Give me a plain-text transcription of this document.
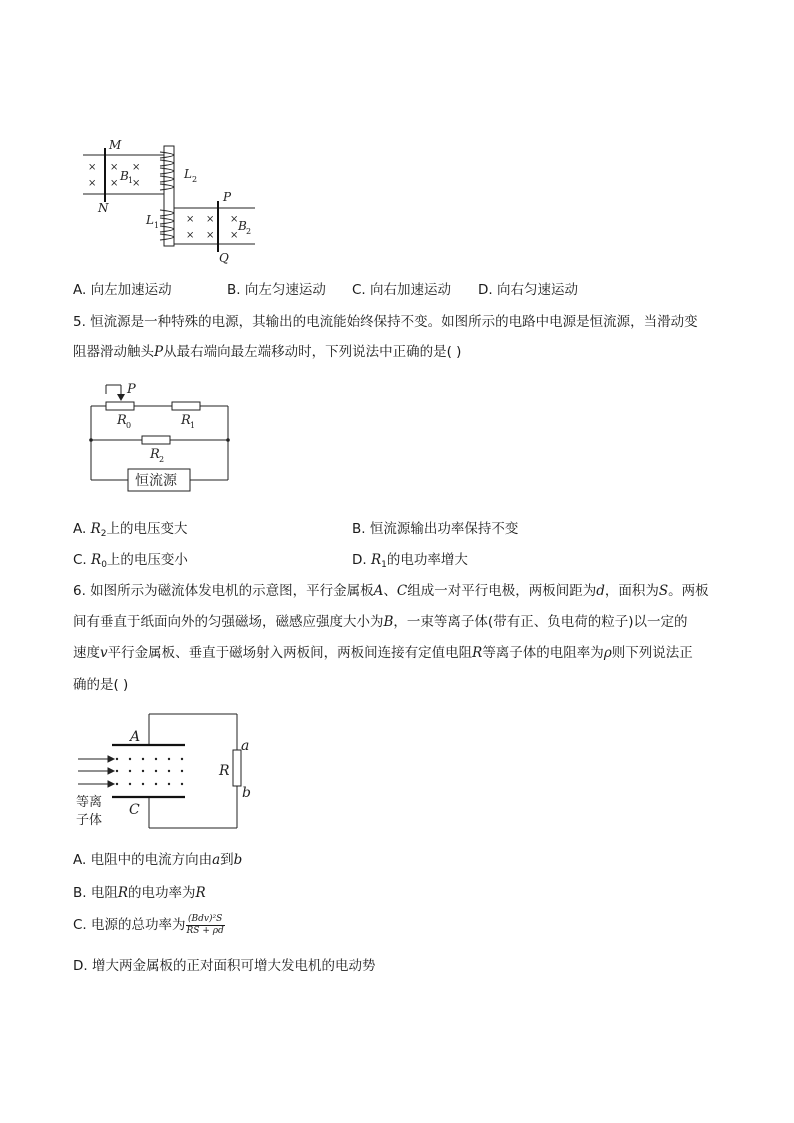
×
×
×
×
×
×
×
×
×
×
×
×
M
N
B 1	L 2
L 1
P
Q
B 2
A. 向左加速运动	B. 向左匀速运动 C. 向右加速运动 D. 向右匀速运动
5. 恒流源是一种特殊的电源，其输出的电流能始终保持不变。如图所示的电路中电源是恒流源，当滑动变
阻器滑动触头P从最右端向最左端移动时，下列说法中正确的是( )
P
R 0	R 1
R 2
恒流源
A. $R_2$上的电压变大	B. 恒流源输出功率保持不变
C. $R_0$上的电压变小	D. $R_1$的电功率增大
6. 如图所示为磁流体发电机的示意图，平行金属板A、C组成一对平行电极，两板间距为d，面积为S。两板
间有垂直于纸面向外的匀强磁场，磁感应强度大小为B，一束等离子体(带有正、负电荷的粒子)以一定的
速度v平行金属板、垂直于磁场射入两板间，两板间连接有定值电阻R等离子体的电阻率为ρ则下列说法正
确的是( )
A
C
R
a
b
等离
子体
A. 电阻中的电流方向由a到b
B. 电阻R的电功率为R
C. 电源的总功率为 $\frac{\text{(Bdv)²S}}{RS + \rho d}$
D. 增大两金属板的正对面积可增大发电机的电动势
